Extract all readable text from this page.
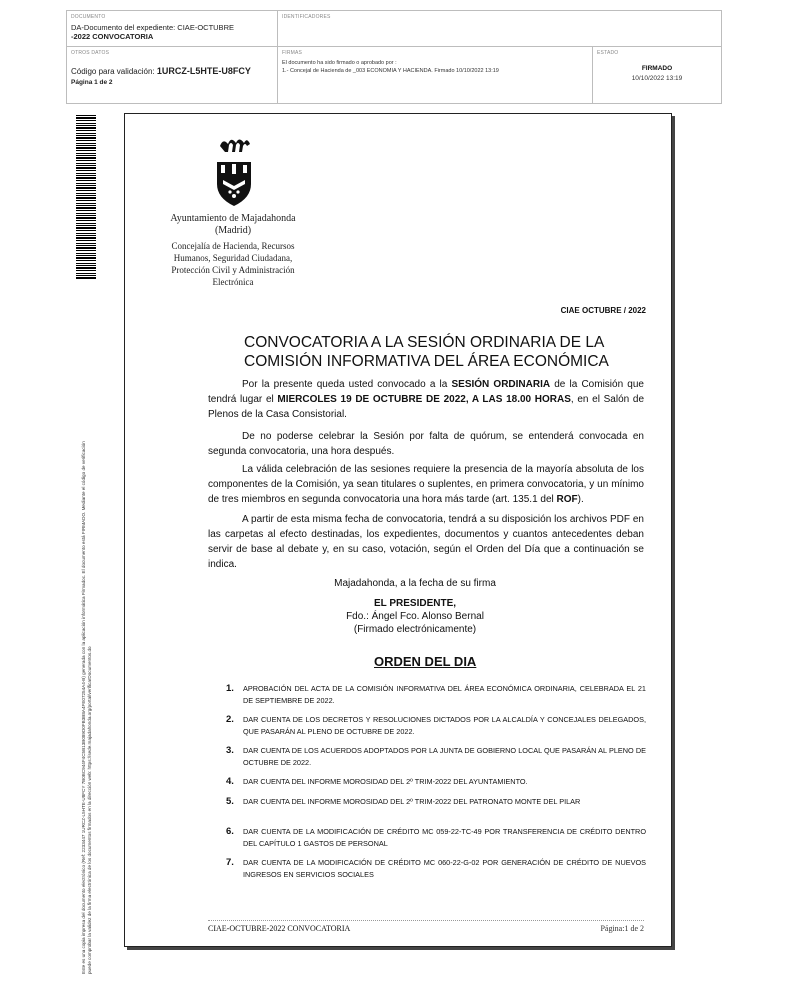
DOCUMENTO
DA-Documento del expediente: CIAE-OCTUBRE
-2022 CONVOCATORIA
IDENTIFICADORES
OTROS DATOS
Código para validación: 1URCZ-L5HTE-U8FCY
Página 1 de 2
FIRMAS
El documento ha sido firmado o aprobado por :
1.- Concejal de Hacienda de _003 ECONOMIA Y HACIENDA. Firmado 10/10/2022 13:19
ESTADO
FIRMADO
10/10/2022 13:19
Este es una copia impresa del documento electrónico (Ref: 2233447 1URCZ-L5HTE-U8FCY 7B0BC944F4C5B13B089D0FB3B8A4FE07254A4-B) generada con la aplicación informática Firmadoc. El documento está FIRMADO. Mediante el código de verificación puede comprobar la validez de la firma electrónica de los documentos firmados en la dirección web: https://sede.majadahonda.org/portal/verificarDocumentos.do
Ayuntamiento de Majadahonda
(Madrid)
Concejalía de Hacienda, Recursos
Humanos, Seguridad Ciudadana,
Protección Civil y Administración
Electrónica
CIAE OCTUBRE / 2022
CONVOCATORIA A LA SESIÓN ORDINARIA DE LA
COMISIÓN INFORMATIVA DEL ÁREA ECONÓMICA

Por la presente queda usted convocado a la SESIÓN ORDINARIA de la Comisión que tendrá lugar el MIERCOLES 19 DE OCTUBRE DE 2022, A LAS 18.00 HORAS, en el Salón de Plenos de la Casa Consistorial.

De no poderse celebrar la Sesión por falta de quórum, se entenderá convocada en segunda convocatoria, una hora después.

La válida celebración de las sesiones requiere la presencia de la mayoría absoluta de los componentes de la Comisión, ya sean titulares o suplentes, en primera convocatoria, y un mínimo de tres miembros en segunda convocatoria una hora más tarde (art. 135.1 del ROF).

A partir de esta misma fecha de convocatoria, tendrá a su disposición los archivos PDF en las carpetas al efecto destinadas, los expedientes, documentos y cuantos antecedentes deban servir de base al debate y, en su caso, votación, según el Orden del Día que a continuación se indica.

Majadahonda, a la fecha de su firma
EL PRESIDENTE,
Fdo.: Ángel Fco. Alonso Bernal
(Firmado electrónicamente)
ORDEN DEL DIA
1. APROBACIÓN DEL ACTA DE LA COMISIÓN INFORMATIVA DEL ÁREA ECONÓMICA ORDINARIA, CELEBRADA EL 21 DE SEPTIEMBRE DE 2022.
2. DAR CUENTA DE LOS DECRETOS Y RESOLUCIONES DICTADOS POR LA ALCALDÍA Y CONCEJALES DELEGADOS, QUE PASARÁN AL PLENO DE OCTUBRE DE 2022.
3. DAR CUENTA DE LOS ACUERDOS ADOPTADOS POR LA JUNTA DE GOBIERNO LOCAL QUE PASARÁN AL PLENO DE OCTUBRE DE 2022.
4. DAR CUENTA DEL INFORME MOROSIDAD DEL 2º TRIM-2022 DEL AYUNTAMIENTO.
5. DAR CUENTA DEL INFORME MOROSIDAD DEL 2º TRIM-2022 DEL PATRONATO MONTE DEL PILAR
6. DAR CUENTA DE LA MODIFICACIÓN DE CRÉDITO MC 059-22-TC-49 POR TRANSFERENCIA DE CRÉDITO DENTRO DEL CAPÍTULO 1 GASTOS DE PERSONAL
7. DAR CUENTA DE LA MODIFICACIÓN DE CRÉDITO MC 060-22-G-02 POR GENERACIÓN DE CRÉDITO DE NUEVOS INGRESOS EN SERVICIOS SOCIALES
CIAE-OCTUBRE-2022 CONVOCATORIA	Página:1 de 2
